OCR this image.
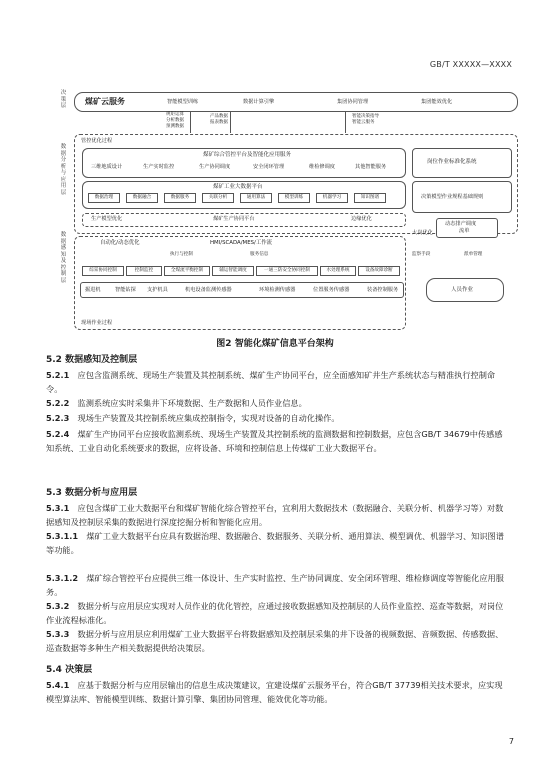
GB/T XXXXX—XXXX
决策层
数据分析与应用层
数据感知及控制层
煤矿云服务	智能模型训练	数据计算引擎	集团协同管理	集团能效优化
规矩运算
分析数据
预测数据
产品数据
报表数据
智能决策指导
智能云服务
管控优化过程
煤矿综合管控平台及智能化应用服务
三维地质设计	生产实时监控	生产协同调度	安全闭环管理	维检修调度	其他智能服务
岗位作业标准化系统
煤矿工业大数据平台
数据治理	数据融合	数据服务	关联分析	通用算法	模型训练	机器学习	知识图谱	决策模型作业规程基础规则
生产模型优化	煤矿生产协同平台	边缘优化
现场作业过程
自动化/动态优化	HMI/SCADA/MES/工作流
执行与控制	服务信息
综采协同控制	控制监控	全煤流平衡控制	辅运智能调度	一通三防安全协同控制	水处理系统	设备故障诊断
掘进机	智能钻探 支护机具	机电设备监测传感器	环境检测传感器	位置服务传感器	装备控制服务
大岗优化
动态排产调度
流单
监察手段	派单管理
人员作业
图2 智能化煤矿信息平台架构
5.2 数据感知及控制层
5.2.1　 应包含监测系统、现场生产装置及其控制系统、煤矿生产协同平台，应全面感知矿井生产系统状态与精准执行控制命令。
5.2.2　 监测系统应实时采集井下环境数据、生产数据和人员作业信息。
5.2.3　 现场生产装置及其控制系统应集成控制指令，实现对设备的自动化操作。
5.2.4　 煤矿生产协同平台应接收监测系统、现场生产装置及其控制系统的监测数据和控制数据，应包含GB/T 34679中传感感知系统、工业自动化系统要求的数据，应将设备、环境和控制信息上传煤矿工业大数据平台。
5.3 数据分析与应用层
5.3.1　 应包含煤矿工业大数据平台和煤矿智能化综合管控平台，宜利用大数据技术（数据融合、关联分析、机器学习等）对数据感知及控制层采集的数据进行深度挖掘分析和智能化应用。
5.3.1.1　 煤矿工业大数据平台应具有数据治理、数据融合、数据服务、关联分析、通用算法、模型调优、机器学习、知识图谱等功能。
5.3.1.2　 煤矿综合管控平台应提供三维一体设计、生产实时监控、生产协同调度、安全闭环管理、维检修调度等智能化应用服务。
5.3.2　 数据分析与应用层应实现对人员作业的优化管控，应通过接收数据感知及控制层的人员作业监控、巡查等数据，对岗位作业流程标准化。
5.3.3　 数据分析与应用层应利用煤矿工业大数据平台将数据感知及控制层采集的井下设备的视频数据、音频数据、传感数据、巡查数据等多种生产相关数据提供给决策层。
5.4 决策层
5.4.1　 应基于数据分析与应用层输出的信息生成决策建议，宜建设煤矿云服务平台，符合GB/T 37739相关技术要求，应实现模型算法库、智能模型训练、数据计算引擎、集团协同管理、能效优化等功能。
7
